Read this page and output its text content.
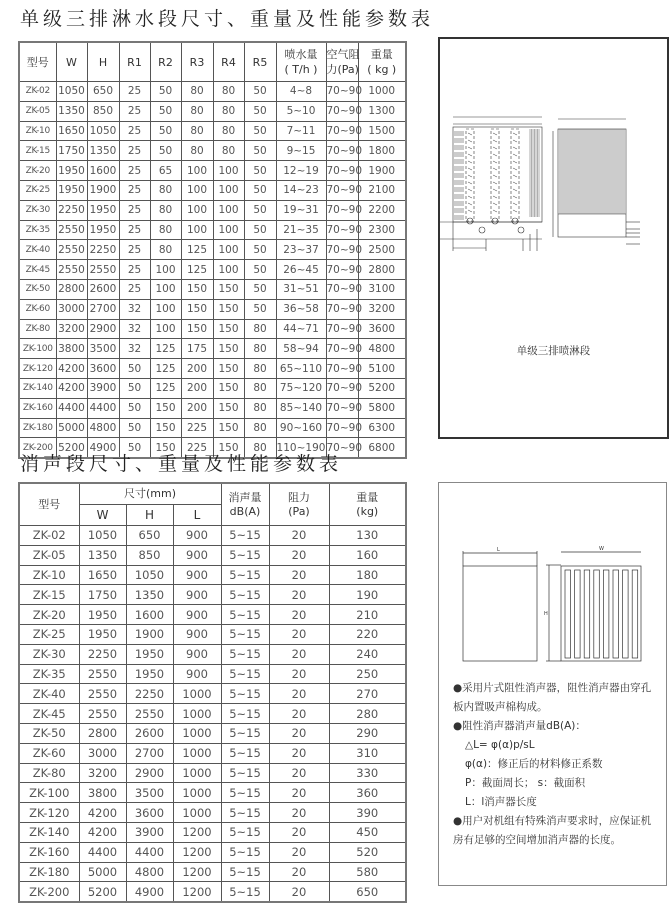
单级三排淋水段尺寸、重量及性能参数表
型号	W	H	R1	R2	R3	R4	R5	喷水量
( T/h )	空气阻
力(Pa)	重量
( kg )
ZK-02	1050	650	25	50	80	80	50	4~8	70~90	1000
ZK-05	1350	850	25	50	80	80	50	5~10	70~90	1300
ZK-10	1650	1050	25	50	80	80	50	7~11	70~90	1500
ZK-15	1750	1350	25	50	80	80	50	9~15	70~90	1800
ZK-20	1950	1600	25	65	100	100	50	12~19	70~90	1900
ZK-25	1950	1900	25	80	100	100	50	14~23	70~90	2100
ZK-30	2250	1950	25	80	100	100	50	19~31	70~90	2200
ZK-35	2550	1950	25	80	100	100	50	21~35	70~90	2300
ZK-40	2550	2250	25	80	125	100	50	23~37	70~90	2500
ZK-45	2550	2550	25	100	125	100	50	26~45	70~90	2800
ZK-50	2800	2600	25	100	150	150	50	31~51	70~90	3100
ZK-60	3000	2700	32	100	150	150	50	36~58	70~90	3200
ZK-80	3200	2900	32	100	150	150	80	44~71	70~90	3600
ZK-100	3800	3500	32	125	175	150	80	58~94	70~90	4800
ZK-120	4200	3600	50	125	200	150	80	65~110	70~90	5100
ZK-140	4200	3900	50	125	200	150	80	75~120	70~90	5200
ZK-160	4400	4400	50	150	200	150	80	85~140	70~90	5800
ZK-180	5000	4800	50	150	225	150	80	90~160	70~90	6300
ZK-200	5200	4900	50	150	225	150	80	110~190	70~90	6800
单级三排喷淋段
消声段尺寸、重量及性能参数表
型号	尺寸(mm)			消声量
dB(A)	阻力
(Pa)	重量
(kg)
	W	H	L			
ZK-02	1050	650	900	5~15	20	130
ZK-05	1350	850	900	5~15	20	160
ZK-10	1650	1050	900	5~15	20	180
ZK-15	1750	1350	900	5~15	20	190
ZK-20	1950	1600	900	5~15	20	210
ZK-25	1950	1900	900	5~15	20	220
ZK-30	2250	1950	900	5~15	20	240
ZK-35	2550	1950	900	5~15	20	250
ZK-40	2550	2250	1000	5~15	20	270
ZK-45	2550	2550	1000	5~15	20	280
ZK-50	2800	2600	1000	5~15	20	290
ZK-60	3000	2700	1000	5~15	20	310
ZK-80	3200	2900	1000	5~15	20	330
ZK-100	3800	3500	1000	5~15	20	360
ZK-120	4200	3600	1000	5~15	20	390
ZK-140	4200	3900	1200	5~15	20	450
ZK-160	4400	4400	1200	5~15	20	520
ZK-180	5000	4800	1200	5~15	20	580
ZK-200	5200	4900	1200	5~15	20	650
L	W
H

●采用片式阻性消声器，阻性消声器由穿孔板内置吸声棉构成。

●阻性消声器消声量dB(A)：

△L= φ(α)p/sL

φ(α)：修正后的材料修正系数

P：截面周长； s：截面积

L：l消声器长度

●用户对机组有特殊消声要求时，应保证机房有足够的空间增加消声器的长度。
